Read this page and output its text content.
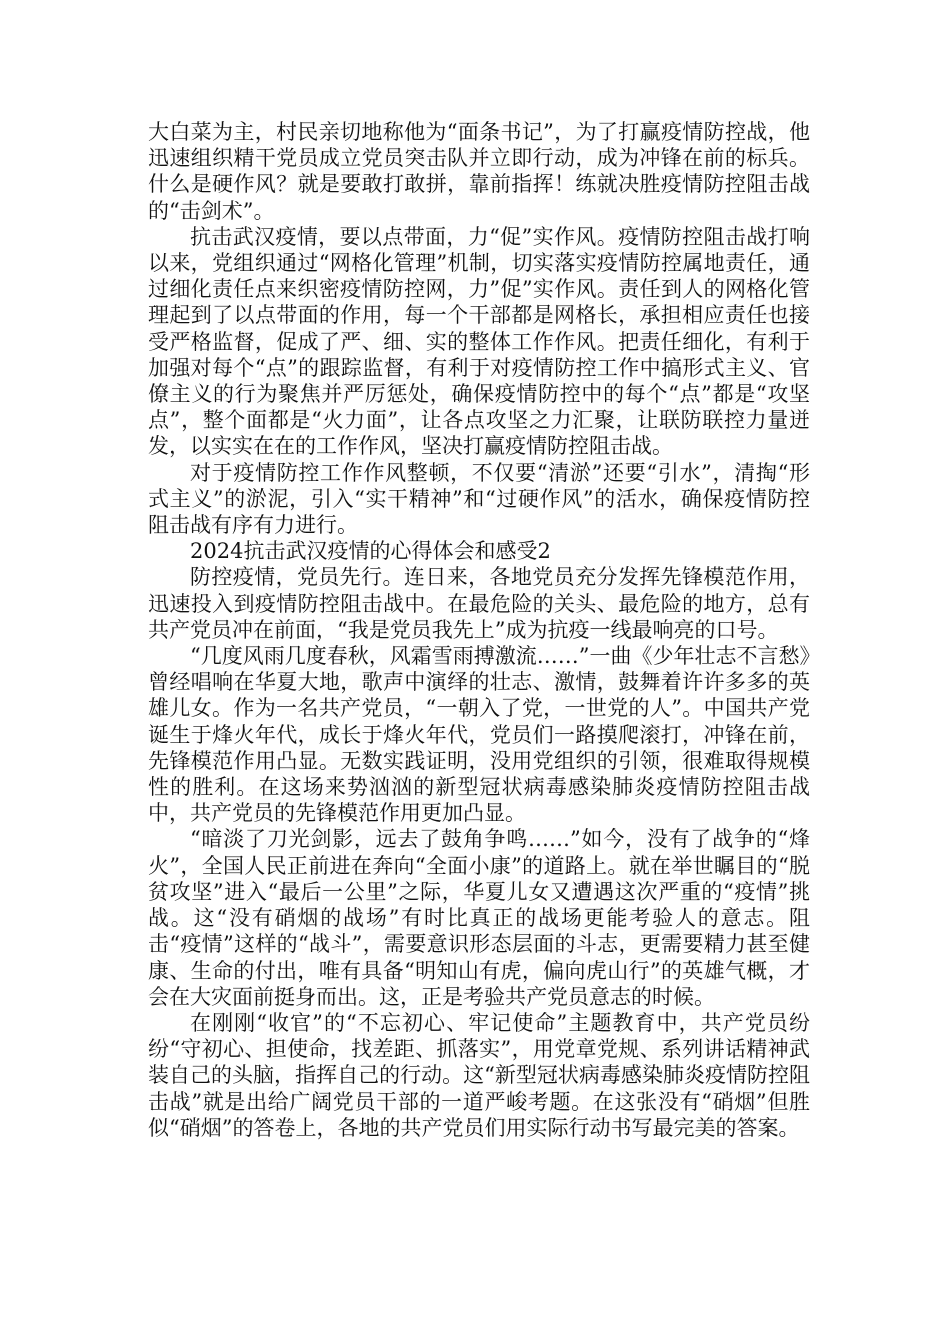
大白菜为主，村民亲切地称他为“面条书记”，为了打赢疫情防控战，他迅速组织精干党员成立党员突击队并立即行动，成为冲锋在前的标兵。什么是硬作风？就是要敢打敢拼，靠前指挥！练就决胜疫情防控阻击战的“击剑术”。

抗击武汉疫情，要以点带面，力“促”实作风。疫情防控阻击战打响以来，党组织通过“网格化管理”机制，切实落实疫情防控属地责任，通过细化责任点来织密疫情防控网，力”促”实作风。责任到人的网格化管理起到了以点带面的作用，每一个干部都是网格长，承担相应责任也接受严格监督，促成了严、细、实的整体工作作风。把责任细化，有利于加强对每个“点”的跟踪监督，有利于对疫情防控工作中搞形式主义、官僚主义的行为聚焦并严厉惩处，确保疫情防控中的每个“点”都是“攻坚点”，整个面都是“火力面”，让各点攻坚之力汇聚，让联防联控力量迸发，以实实在在的工作作风，坚决打赢疫情防控阻击战。

对于疫情防控工作作风整顿，不仅要“清淤”还要“引水”，清掏“形式主义”的淤泥，引入“实干精神”和“过硬作风”的活水，确保疫情防控阻击战有序有力进行。

2024抗击武汉疫情的心得体会和感受2

防控疫情，党员先行。连日来，各地党员充分发挥先锋模范作用，迅速投入到疫情防控阻击战中。在最危险的关头、最危险的地方，总有共产党员冲在前面，“我是党员我先上”成为抗疫一线最响亮的口号。

“几度风雨几度春秋，风霜雪雨搏激流……”一曲《少年壮志不言愁》曾经唱响在华夏大地，歌声中演绎的壮志、激情，鼓舞着许许多多的英雄儿女。作为一名共产党员，“一朝入了党，一世党的人”。中国共产党诞生于烽火年代，成长于烽火年代，党员们一路摸爬滚打，冲锋在前，先锋模范作用凸显。无数实践证明，没用党组织的引领，很难取得规模性的胜利。在这场来势汹汹的新型冠状病毒感染肺炎疫情防控阻击战中，共产党员的先锋模范作用更加凸显。

“暗淡了刀光剑影，远去了鼓角争鸣……”如今，没有了战争的“烽火”，全国人民正前进在奔向“全面小康”的道路上。就在举世瞩目的“脱贫攻坚”进入“最后一公里”之际，华夏儿女又遭遇这次严重的“疫情”挑战。这“没有硝烟的战场”有时比真正的战场更能考验人的意志。阻击“疫情”这样的“战斗”，需要意识形态层面的斗志，更需要精力甚至健康、生命的付出，唯有具备“明知山有虎，偏向虎山行”的英雄气概，才会在大灾面前挺身而出。这，正是考验共产党员意志的时候。

在刚刚“收官”的“不忘初心、牢记使命”主题教育中，共产党员纷纷“守初心、担使命，找差距、抓落实”，用党章党规、系列讲话精神武装自己的头脑，指挥自己的行动。这“新型冠状病毒感染肺炎疫情防控阻击战”就是出给广阔党员干部的一道严峻考题。在这张没有“硝烟”但胜似“硝烟”的答卷上，各地的共产党员们用实际行动书写最完美的答案。
